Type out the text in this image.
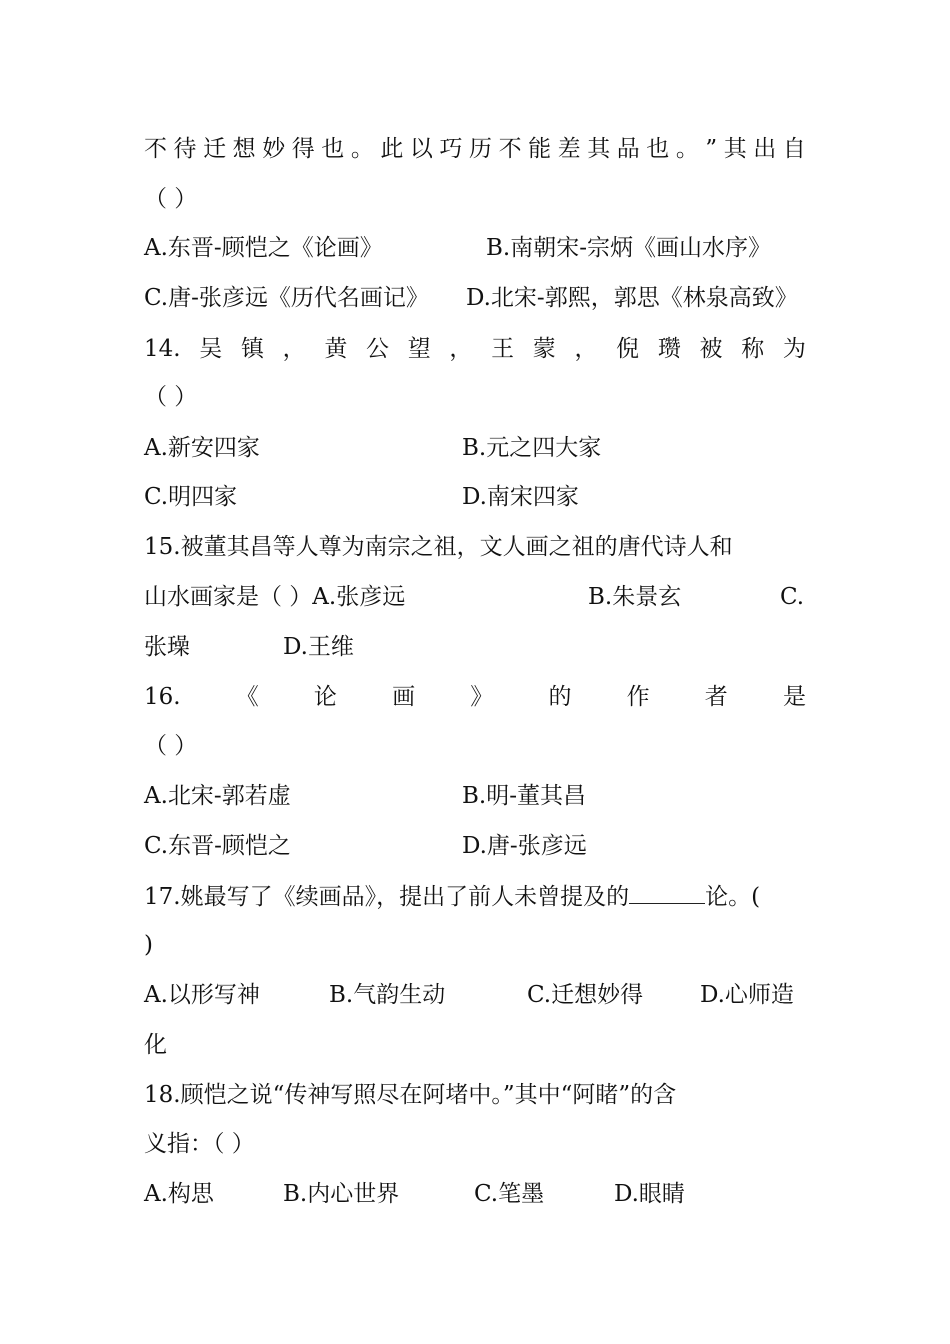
不 待 迁 想 妙 得 也 。 此 以 巧 历 不 能 差 其 品 也 。 ” 其 出 自
（ ）
A.东晋-顾恺之《论画》	B.南朝宋-宗炳《画山水序》
C.唐-张彦远《历代名画记》	D.北宋-郭熙，郭思《林泉高致》
14. 吴 镇 ， 黄 公 望 ， 王 蒙 ， 倪 瓒 被 称 为
（ ）
A.新安四家	B.元之四大家
C.明四家	D.南宋四家
15.被董其昌等人尊为南宗之祖，文人画之祖的唐代诗人和
山水画家是（ ）A.张彦远	B.朱景玄	C.
张璪	D.王维
16. 《 论 画 》 的 作 者 是
（ ）
A.北宋-郭若虚	B.明-董其昌
C.东晋-顾恺之	D.唐-张彦远
17.姚最写了《续画品》，提出了前人未曾提及的	论。(
)
A.以形写神	B.气韵生动	C.迁想妙得	D.心师造
化
18.顾恺之说“传神写照尽在阿堵中。”其中“阿睹”的含
义指：（ ）
A.构思	B.内心世界	C.笔墨	D.眼睛
